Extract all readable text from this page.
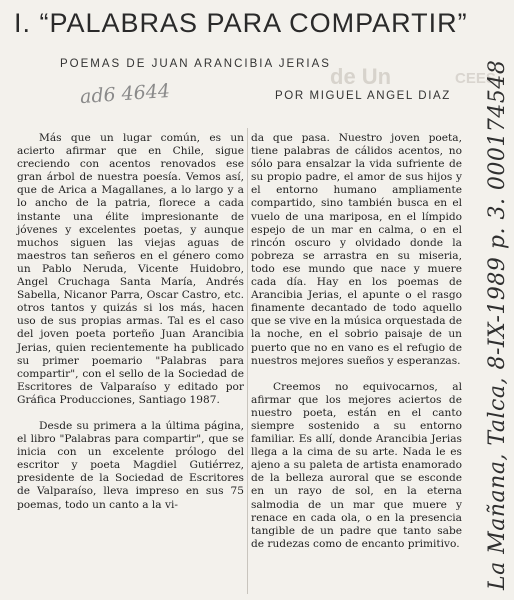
de Un	CEES
I. “PALABRAS PARA COMPARTIR”
POEMAS DE JUAN ARANCIBIA JERIAS
ad6 4644	POR MIGUEL ANGEL DIAZ

Más que un lugar común, es un acierto afirmar que en Chile, sigue creciendo con acentos renovados ese gran árbol de nuestra poesía. Vemos así, que de Arica a Magallanes, a lo largo y a lo ancho de la patria, florece a cada instante una élite impresionante de jóvenes y excelentes poetas, y aunque muchos siguen las viejas aguas de maestros tan señeros en el género como un Pablo Neruda, Vicente Huidobro, Angel Cruchaga Santa María, Andrés Sabella, Nicanor Parra, Oscar Castro, etc. otros tantos y quizás si los más, hacen uso de sus propias armas. Tal es el caso del joven poeta porteño Juan Arancibia Jerias, quien recientemente ha publicado su primer poemario "Palabras para compartir", con el sello de la Sociedad de Escritores de Valparaíso y editado por Gráfica Producciones, Santiago 1987.

Desde su primera a la última página, el libro "Palabras para compartir", que se inicia con un excelente prólogo del escritor y poeta Magdiel Gutiérrez, presidente de la Sociedad de Escritores de Valparaíso, lleva impreso en sus 75 poemas, todo un canto a la vi-

da que pasa. Nuestro joven poeta, tiene palabras de cálidos acentos, no sólo para ensalzar la vida sufriente de su propio padre, el amor de sus hijos y el entorno humano ampliamente compartido, sino también busca en el vuelo de una mariposa, en el límpido espejo de un mar en calma, o en el rincón oscuro y olvidado donde la pobreza se arrastra en su miseria, todo ese mundo que nace y muere cada día. Hay en los poemas de Arancibia Jerias, el apunte o el rasgo finamente decantado de todo aquello que se vive en la música orquestada de la noche, en el sobrio paisaje de un puerto que no en vano es el refugio de nuestros mejores sueños y esperanzas.

Creemos no equivocarnos, al afirmar que los mejores aciertos de nuestro poeta, están en el canto siempre sostenido a su entorno familiar. Es allí, donde Arancibia Jerias llega a la cima de su arte. Nada le es ajeno a su paleta de artista enamorado de la belleza auroral que se esconde en un rayo de sol, en la eterna salmodia de un mar que muere y renace en cada ola, o en la presencia tangible de un padre que tanto sabe de rudezas como de encanto primitivo. La Mañana, Talca, 8-IX-1989 p. 3. 000174548
